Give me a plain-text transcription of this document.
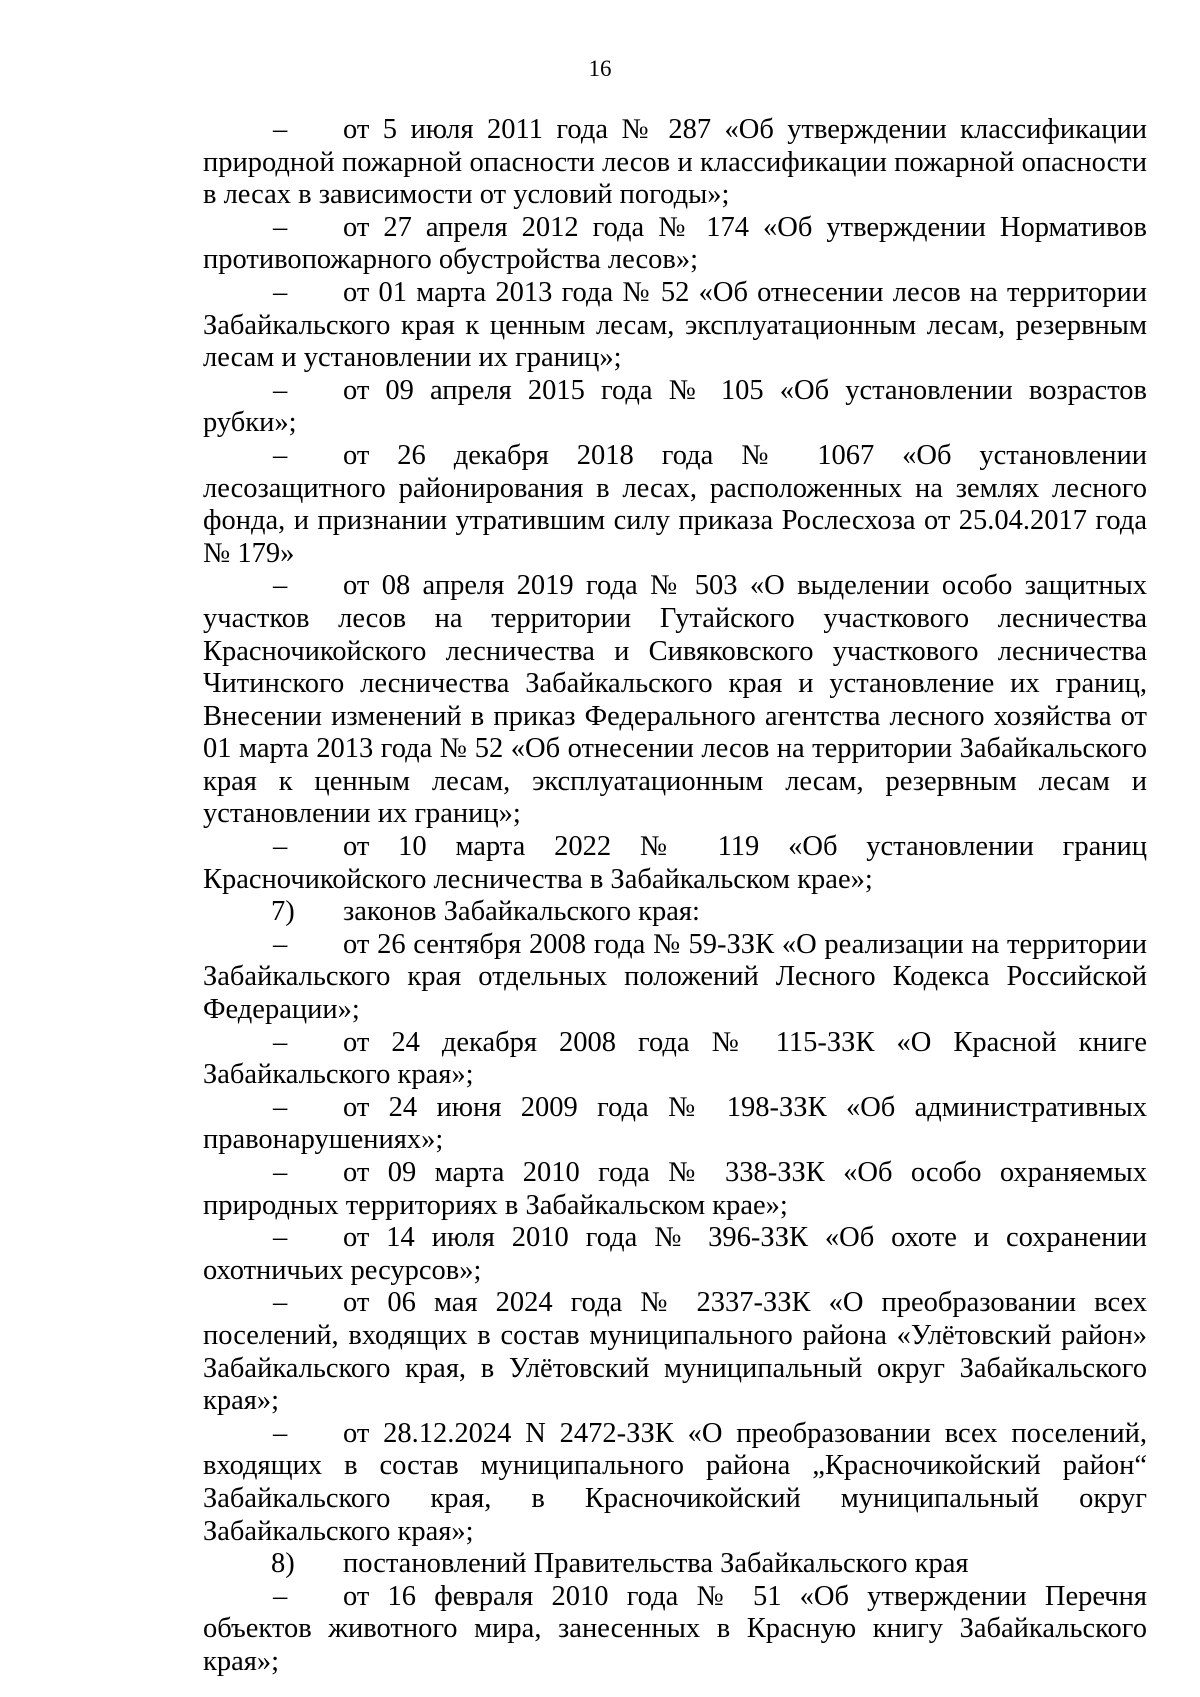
16

–	от 5 июля 2011 года № 287 «Об утверждении классификации природной пожарной опасности лесов и классификации пожарной опасности в лесах в зависимости от условий погоды»;

–	от 27 апреля 2012 года № 174 «Об утверждении Нормативов противопожарного обустройства лесов»;

–	от 01 марта 2013 года № 52 «Об отнесении лесов на территории Забайкальского края к ценным лесам, эксплуатационным лесам, резервным лесам и установлении их границ»;

–	от 09 апреля 2015 года № 105 «Об установлении возрастов рубки»;

–	от 26 декабря 2018 года № 1067 «Об установлении лесозащитного районирования в лесах, расположенных на землях лесного фонда, и признании утратившим силу приказа Рослесхоза от 25.04.2017 года № 179»

–	от 08 апреля 2019 года № 503 «О выделении особо защитных участков лесов на территории Гутайского участкового лесничества Красночикойского лесничества и Сивяковского участкового лесничества Читинского лесничества Забайкальского края и установление их границ, Внесении изменений в приказ Федерального агентства лесного хозяйства от 01 марта 2013 года № 52 «Об отнесении лесов на территории Забайкальского края к ценным лесам, эксплуатационным лесам, резервным лесам и установлении их границ»;

–	от 10 марта 2022 № 119 «Об установлении границ Красночикойского лесничества в Забайкальском крае»;

7)	законов Забайкальского края:

–	от 26 сентября 2008 года № 59-ЗЗК «О реализации на территории Забайкальского края отдельных положений Лесного Кодекса Российской Федерации»;

–	от 24 декабря 2008 года № 115-ЗЗК «О Красной книге Забайкальского края»;

–	от 24 июня 2009 года № 198-ЗЗК «Об административных правонарушениях»;

–	от 09 марта 2010 года № 338-ЗЗК «Об особо охраняемых природных территориях в Забайкальском крае»;

–	от 14 июля 2010 года № 396-ЗЗК «Об охоте и сохранении охотничьих ресурсов»;

–	от 06 мая 2024 года № 2337-ЗЗК «О преобразовании всех поселений, входящих в состав муниципального района «Улётовский район» Забайкальского края, в Улётовский муниципальный округ Забайкальского края»;

–	от 28.12.2024 N 2472-ЗЗК «О преобразовании всех поселений, входящих в состав муниципального района „Красночикойский район“ Забайкальского края, в Красночикойский муниципальный округ Забайкальского края»;

8)	постановлений Правительства Забайкальского края

–	от 16 февраля 2010 года № 51 «Об утверждении Перечня объектов животного мира, занесенных в Красную книгу Забайкальского края»;
